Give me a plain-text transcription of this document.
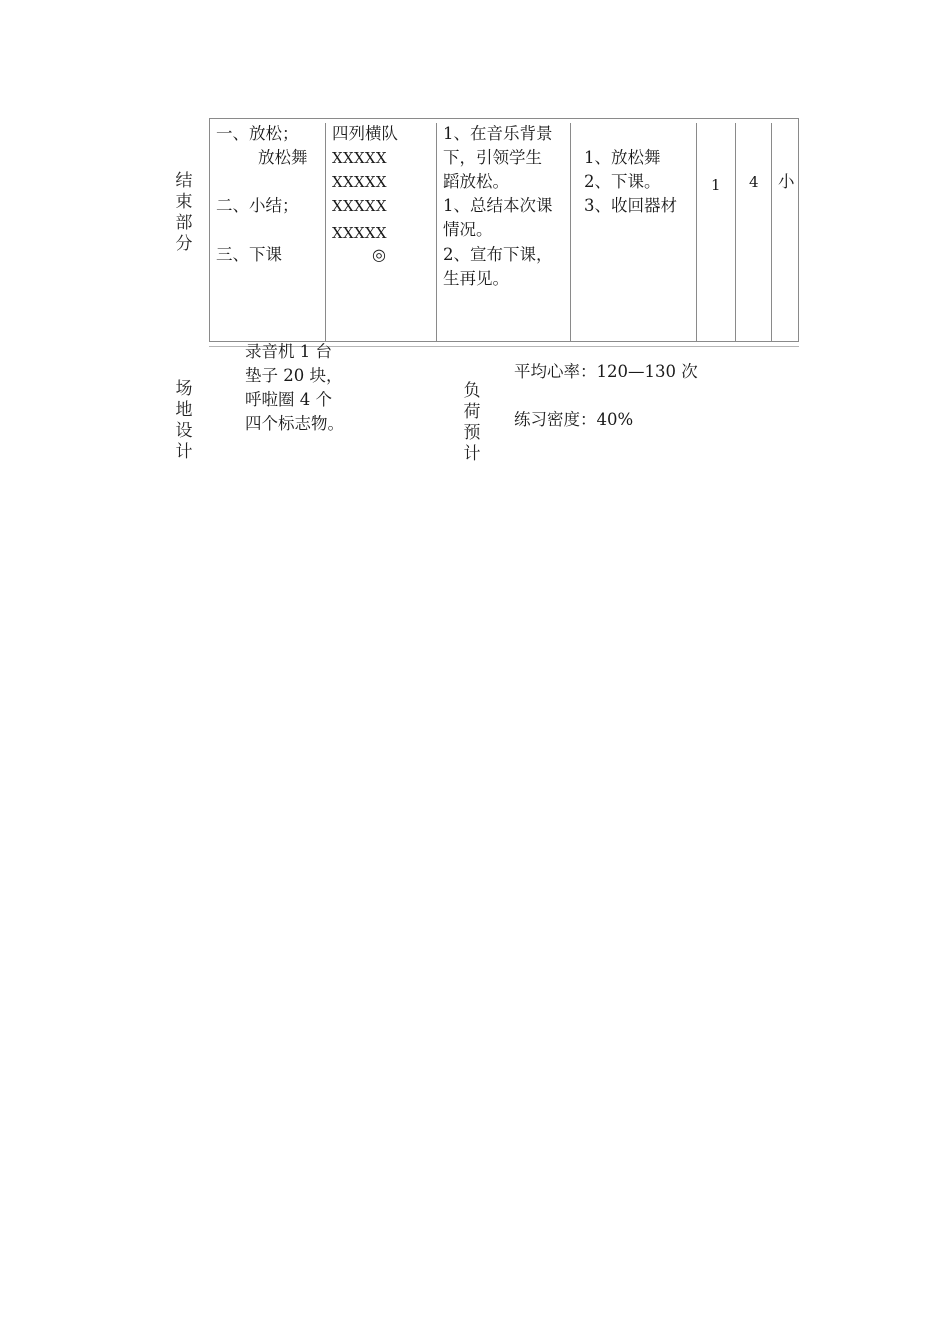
结束部分
一、放松；
放松舞
二、小结；
三、下课
四列横队
XXXXX
XXXXX
XXXXX
XXXXX
◎
1、在音乐背景
下，引领学生
蹈放松。
1、总结本次课
情况。
2、宣布下课，
生再见。
1、放松舞
2、下课。
3、收回器材
1 4 小
场地设计
录音机 1 台
垫子 20 块，
呼啦圈 4 个
四个标志物。
负荷预计
平均心率：120—130 次
练习密度：40%
